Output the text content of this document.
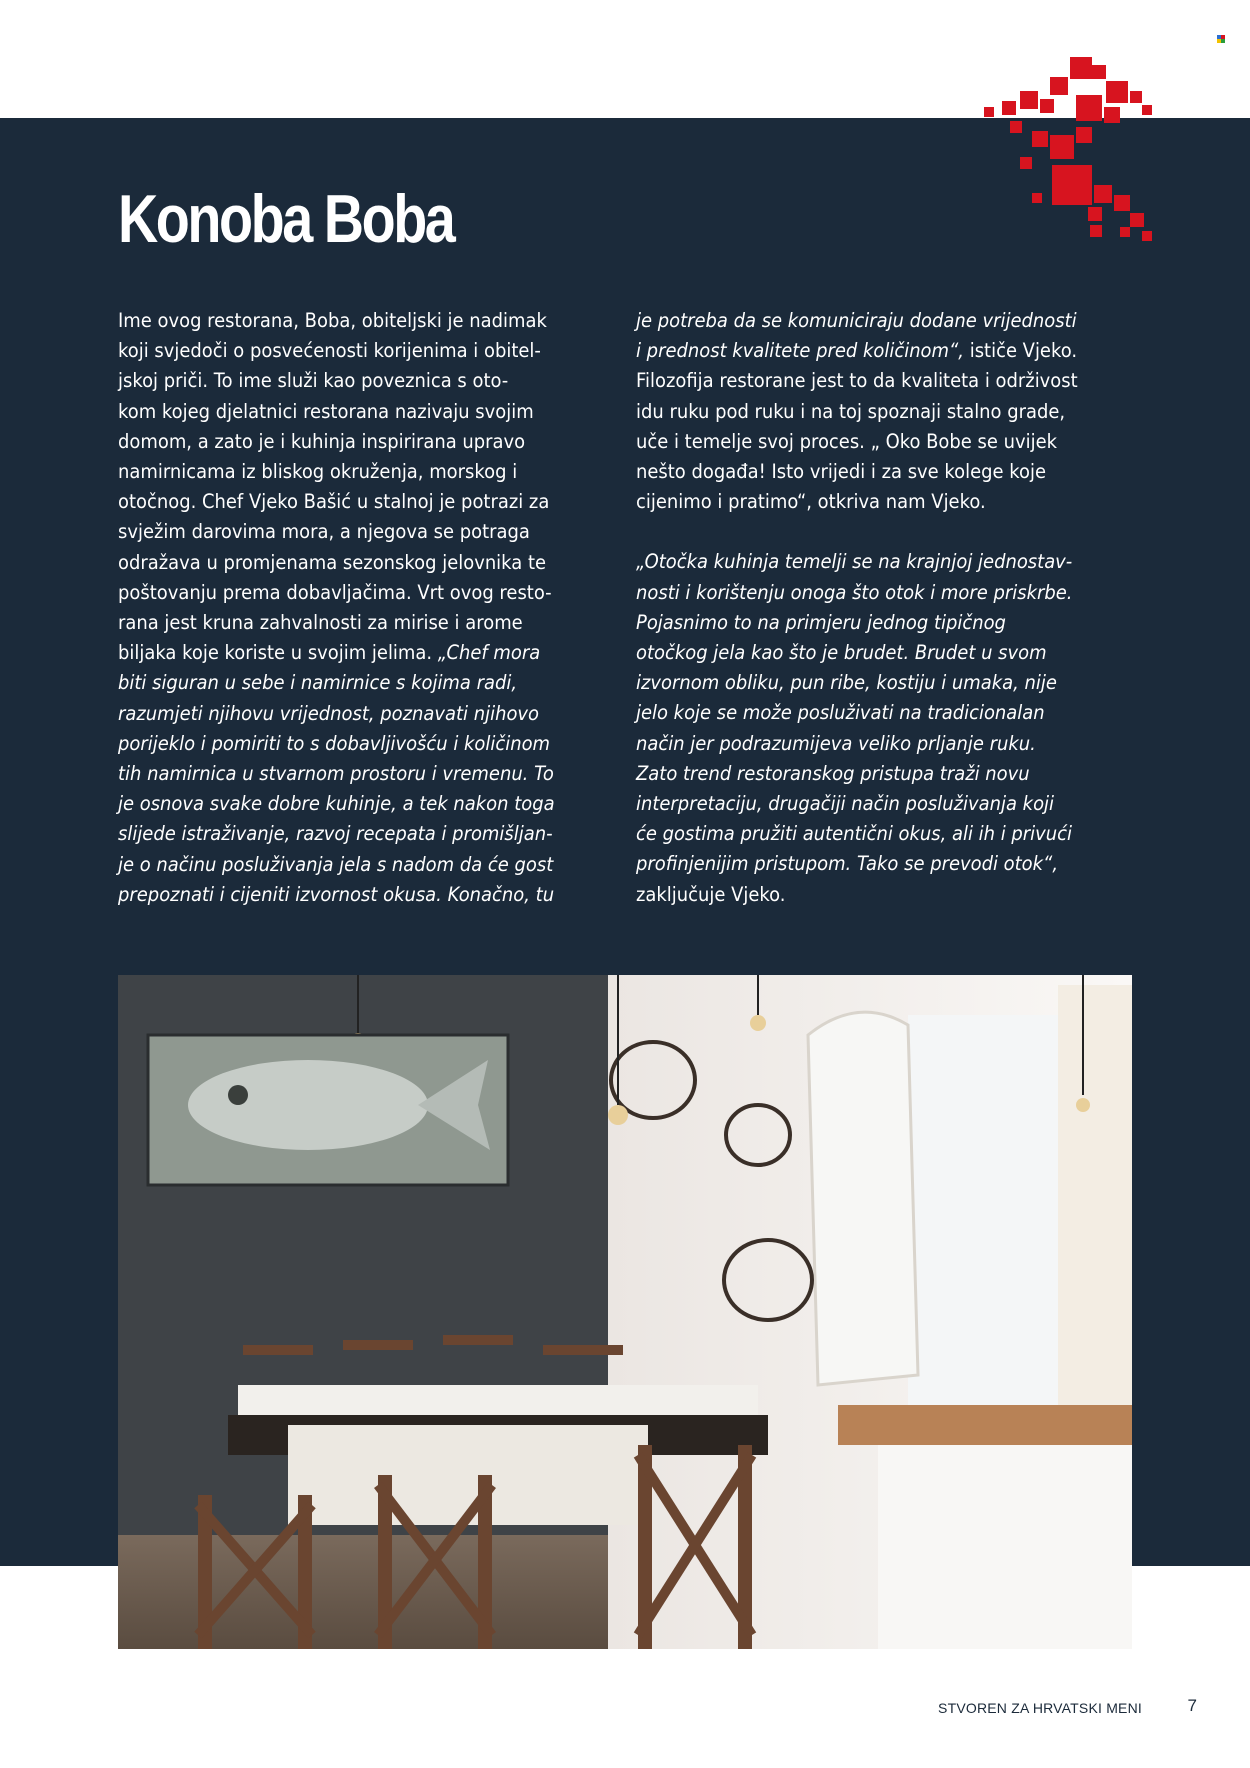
Konoba Boba

Ime ovog restorana, Boba, obiteljski je nadimak
koji svjedoči o posvećenosti korijenima i obitel-
jskoj priči. To ime služi kao poveznica s oto-
kom kojeg djelatnici restorana nazivaju svojim
domom, a zato je i kuhinja inspirirana upravo
namirnicama iz bliskog okruženja, morskog i
otočnog. Chef Vjeko Bašić u stalnoj je potrazi za
svježim darovima mora, a njegova se potraga
odražava u promjenama sezonskog jelovnika te
poštovanju prema dobavljačima. Vrt ovog resto-
rana jest kruna zahvalnosti za mirise i arome
biljaka koje koriste u svojim jelima. „Chef mora
biti siguran u sebe i namirnice s kojima radi,
razumjeti njihovu vrijednost, poznavati njihovo
porijeklo i pomiriti to s dobavljivošću i količinom
tih namirnica u stvarnom prostoru i vremenu. To
je osnova svake dobre kuhinje, a tek nakon toga
slijede istraživanje, razvoj recepata i promišljan-
je o načinu posluživanja jela s nadom da će gost
prepoznati i cijeniti izvornost okusa. Konačno, tu

je potreba da se komuniciraju dodane vrijednosti
i prednost kvalitete pred količinom“, ističe Vjeko.
Filozofija restorane jest to da kvaliteta i održivost
idu ruku pod ruku i na toj spoznaji stalno grade,
uče i temelje svoj proces. „ Oko Bobe se uvijek
nešto događa! Isto vrijedi i za sve kolege koje
cijenimo i pratimo“, otkriva nam Vjeko.

„Otočka kuhinja temelji se na krajnjoj jednostav-
nosti i korištenju onoga što otok i more priskrbe.
Pojasnimo to na primjeru jednog tipičnog
otočkog jela kao što je brudet. Brudet u svom
izvornom obliku, pun ribe, kostiju i umaka, nije
jelo koje se može posluživati na tradicionalan
način jer podrazumijeva veliko prljanje ruku.
Zato trend restoranskog pristupa traži novu
interpretaciju, drugačiji način posluživanja koji
će gostima pružiti autentični okus, ali ih i privući
profinjenijim pristupom. Tako se prevodi otok“,
zaključuje Vjeko.

STVOREN ZA HRVATSKI MENI	7
